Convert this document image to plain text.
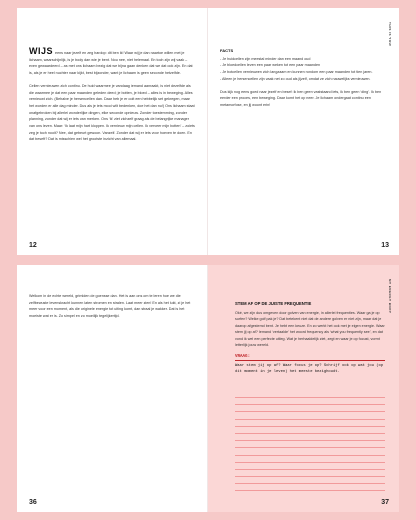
WIJS eens naar jezelf en zeg hardop: dit ben ik! Waar wij je dan naartoe willen met je lichaam, waarschijnlijk, is je body dan wie je bent. Nou nee, niet helemaal. En toch zijn wij vaak – even gewaardeerd – as met ons lichaam bezig dat we bijna gaan denken dat we dat ook zijn. En dat is, als je er heel nuchter naar kijkt, best bijzonder, want je lichaam is geen seconde hetzelfde.

Cellen vernieuwen zich continu. De huid waarmee je vandaag iemand aanraakt, is niet dezelfde als die waarmee je dat een paar maanden geleden deed; je botten, je bloed – alles is in beweging. Alles vernieuwt zich. (Behalve je hersencellen dan. Daar heb je er ooit een hebbelijk set gekregen, maar het worden er alle dag minder. Dus als je iets mooi wilt bedenken, doe het dan nu!) Ons lichaam staat onafgebroken bij allerlei wonderlijke dingen, elke seconde opnieuw. Zonder toestemming, zonder planning, zonder dat wij er iets van merken. Ons ‘ik’ ziet zichzelf graag als de belangrijke manager van ons leven. Maar: ‘Ik laat mijn hart kloppen. Ik vernieuw mijn cellen. Ik verveer mijn botten’ – zoiets zeg je toch nooit? Nee, dat gebeurt gewoon. Vanzelf. Zonder dat wij er iets voor hoeven te doen. En dat beseft? Dat is misschien wel het grootste inzicht van allemaal.

12
THIS IS YOU!
FACTS
- Je huidcellen zijn meestal minder dan een maand oud
- Je bloedcellen leven een paar weken tot een paar maanden
- Je botcellen vernieuwen zich langzaam en kunnen rondom een paar maanden tot tien jaren.
- Alleen je hersencellen zijn vaak net zo oud als jijzelf, omdat ze zich nauwelijks vernieuwen.

Dus kijk nog eens goed naar jezelf en besef: ik ben geen vaststaand iets, ik ben geen ‘ding’. Ik ben eerder een proces, een beweging. Daar komt het op neer. Je lichaam ondergaat continu een metamorfose, en jij woont erin!

13

Welkom in de echte wereld, grimlden de goensse dan. Het is aan ons om te leren hoe we die zelfbewuste levenskracht kunnen laten stromen en stralen. Laat meer zien! En als het lukt, zi je het meer voor een moment, als die originele energie tot uiting komt, dan straal je wakker. Dat is het moeiste wat er is. Zo simpel en zo moeilijk tegelijkertijd.

36
MY ENERGY BODY
STEM AF OP DE JUISTE FREQUENTIE

Oké, we zijn dus omgeven door golven van energie, in allerlei frequenties. Waar ga je op surfen? Welke golf pak je? Dat betekent niet dat de andere golven er niet zijn, maar dat je daarop afgestemd bent. Je hebt een keuze. En zo werkt het ook met je eigen energie. Waar stem jij op af? Iemand ‘vertaalde’ het woord frequency als ‘what you frequently see’, en dat vond ik wel een perfecte uitleg. Wat je herhaaldelijk ziet, zegt en waar je op focust, vormt letterlijk jouw wereld.

VRAAG:
Waar stem jij op af? Waar focus je op? Schrijf ook op wat jou (op dit moment in je leven) het meeste bezighoudt.
37
